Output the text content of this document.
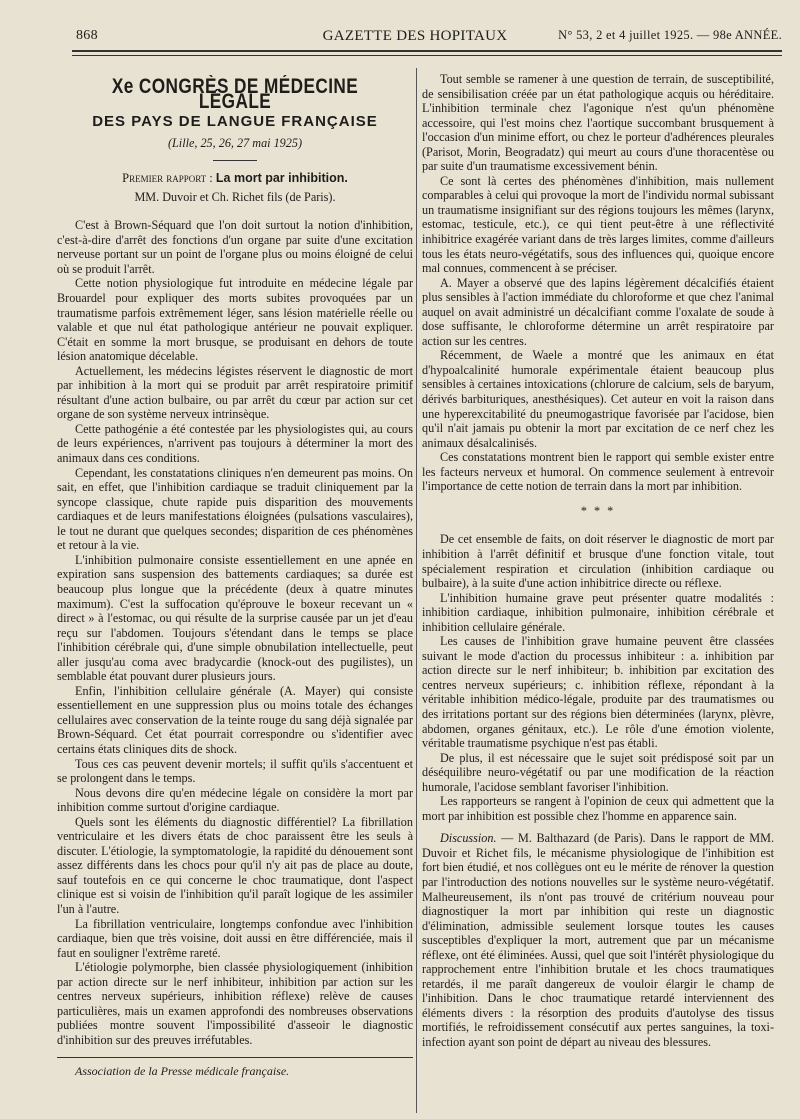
868	GAZETTE DES HOPITAUX	N° 53, 2 et 4 juillet 1925. — 98e ANNÉE.
Xe CONGRÈS DE MÉDECINE LÉGALE
DES PAYS DE LANGUE FRANÇAISE
(Lille, 25, 26, 27 mai 1925)
Premier rapport : La mort par inhibition.
MM. Duvoir et Ch. Richet fils (de Paris).

C'est à Brown-Séquard que l'on doit surtout la notion d'inhibition, c'est-à-dire d'arrêt des fonctions d'un organe par suite d'une excitation nerveuse portant sur un point de l'organe plus ou moins éloigné de celui où se produit l'arrêt.

Cette notion physiologique fut introduite en médecine légale par Brouardel pour expliquer des morts subites provoquées par un traumatisme parfois extrêmement léger, sans lésion matérielle réelle ou valable et que nul état pathologique antérieur ne pouvait expliquer. C'était en somme la mort brusque, se produisant en dehors de toute lésion anatomique décelable.

Actuellement, les médecins légistes réservent le diagnostic de mort par inhibition à la mort qui se produit par arrêt respiratoire primitif résultant d'une action bulbaire, ou par arrêt du cœur par action sur cet organe de son système nerveux intrinsèque.

Cette pathogénie a été contestée par les physiologistes qui, au cours de leurs expériences, n'arrivent pas toujours à déterminer la mort des animaux dans ces conditions.

Cependant, les constatations cliniques n'en demeurent pas moins. On sait, en effet, que l'inhibition cardiaque se traduit cliniquement par la syncope classique, chute rapide puis disparition des mouvements cardiaques et de leurs manifestations éloignées (pulsations vasculaires), le tout ne durant que quelques secondes; disparition de ces phénomènes et retour à la vie.

L'inhibition pulmonaire consiste essentiellement en une apnée en expiration sans suspension des battements cardiaques; sa durée est beaucoup plus longue que la précédente (deux à quatre minutes maximum). C'est la suffocation qu'éprouve le boxeur recevant un « direct » à l'estomac, ou qui résulte de la surprise causée par un jet d'eau reçu sur l'abdomen. Toujours s'étendant dans le temps se place l'inhibition cérébrale qui, d'une simple obnubilation intellectuelle, peut aller jusqu'au coma avec bradycardie (knock-out des pugilistes), un semblable état pouvant durer plusieurs jours.

Enfin, l'inhibition cellulaire générale (A. Mayer) qui consiste essentiellement en une suppression plus ou moins totale des échanges cellulaires avec conservation de la teinte rouge du sang déjà signalée par Brown-Séquard. Cet état pourrait correspondre ou s'identifier avec certains états cliniques dits de shock.

Tous ces cas peuvent devenir mortels; il suffit qu'ils s'accentuent et se prolongent dans le temps.

Nous devons dire qu'en médecine légale on considère la mort par inhibition comme surtout d'origine cardiaque.

Quels sont les éléments du diagnostic différentiel? La fibrillation ventriculaire et les divers états de choc paraissent être les seuls à discuter. L'étiologie, la symptomatologie, la rapidité du dénouement sont assez différents dans les chocs pour qu'il n'y ait pas de place au doute, sauf toutefois en ce qui concerne le choc traumatique, dont l'aspect clinique est si voisin de l'inhibition qu'il paraît logique de les assimiler l'un à l'autre.

La fibrillation ventriculaire, longtemps confondue avec l'inhibition cardiaque, bien que très voisine, doit aussi en être différenciée, mais il faut en souligner l'extrême rareté.

L'étiologie polymorphe, bien classée physiologiquement (inhibition par action directe sur le nerf inhibiteur, inhibition par action sur les centres nerveux supérieurs, inhibition réflexe) relève de causes particulières, mais un examen approfondi des nombreuses observations publiées montre souvent l'impossibilité d'asseoir le diagnostic d'inhibition sur des preuves irréfutables.

Association de la Presse médicale française.

Tout semble se ramener à une question de terrain, de susceptibilité, de sensibilisation créée par un état pathologique acquis ou héréditaire. L'inhibition terminale chez l'agonique n'est qu'un phénomène accessoire, qui l'est moins chez l'aortique succombant brusquement à l'occasion d'un minime effort, ou chez le porteur d'adhérences pleurales (Parisot, Morin, Beogradatz) qui meurt au cours d'une thoracentèse ou par suite d'un traumatisme excessivement bénin.

Ce sont là certes des phénomènes d'inhibition, mais nullement comparables à celui qui provoque la mort de l'individu normal subissant un traumatisme insignifiant sur des régions toujours les mêmes (larynx, estomac, testicule, etc.), ce qui tient peut-être à une réflectivité inhibitrice exagérée variant dans de très larges limites, comme d'ailleurs tous les états neuro-végétatifs, sous des influences qui, quoique encore mal connues, commencent à se préciser.

A. Mayer a observé que des lapins légèrement décalcifiés étaient plus sensibles à l'action immédiate du chloroforme et que chez l'animal auquel on avait administré un décalcifiant comme l'oxalate de soude à dose suffisante, le chloroforme détermine un arrêt respiratoire par action sur les centres.

Récemment, de Waele a montré que les animaux en état d'hypoalcalinité humorale expérimentale étaient beaucoup plus sensibles à certaines intoxications (chlorure de calcium, sels de baryum, dérivés barbituriques, anesthésiques). Cet auteur en voit la raison dans une hyperexcitabilité du pneumogastrique favorisée par l'acidose, bien qu'il n'ait jamais pu obtenir la mort par excitation de ce nerf chez les animaux désalcalinisés.

Ces constatations montrent bien le rapport qui semble exister entre les facteurs nerveux et humoral. On commence seulement à entrevoir l'importance de cette notion de terrain dans la mort par inhibition.

* * *

De cet ensemble de faits, on doit réserver le diagnostic de mort par inhibition à l'arrêt définitif et brusque d'une fonction vitale, tout spécialement respiration et circulation (inhibition cardiaque ou bulbaire), à la suite d'une action inhibitrice directe ou réflexe.

L'inhibition humaine grave peut présenter quatre modalités : inhibition cardiaque, inhibition pulmonaire, inhibition cérébrale et inhibition cellulaire générale.

Les causes de l'inhibition grave humaine peuvent être classées suivant le mode d'action du processus inhibiteur : a. inhibition par action directe sur le nerf inhibiteur; b. inhibition par excitation des centres nerveux supérieurs; c. inhibition réflexe, répondant à la véritable inhibition médico-légale, produite par des traumatismes ou des irritations portant sur des régions bien déterminées (larynx, plèvre, abdomen, organes génitaux, etc.). Le rôle d'une émotion violente, véritable traumatisme psychique n'est pas établi.

De plus, il est nécessaire que le sujet soit prédisposé soit par un déséquilibre neuro-végétatif ou par une modification de la réaction humorale, l'acidose semblant favoriser l'inhibition.

Les rapporteurs se rangent à l'opinion de ceux qui admettent que la mort par inhibition est possible chez l'homme en apparence sain.

Discussion. — M. Balthazard (de Paris). Dans le rapport de MM. Duvoir et Richet fils, le mécanisme physiologique de l'inhibition est fort bien étudié, et nos collègues ont eu le mérite de rénover la question par l'introduction des notions nouvelles sur le système neuro-végétatif. Malheureusement, ils n'ont pas trouvé de critérium nouveau pour diagnostiquer la mort par inhibition qui reste un diagnostic d'élimination, admissible seulement lorsque toutes les causes susceptibles d'expliquer la mort, autrement que par un mécanisme réflexe, ont été éliminées. Aussi, quel que soit l'intérêt physiologique du rapprochement entre l'inhibition brutale et les chocs traumatiques retardés, il me paraît dangereux de vouloir élargir le champ de l'inhibition. Dans le choc traumatique retardé interviennent des éléments divers : la résorption des produits d'autolyse des tissus mortifiés, le refroidissement consécutif aux pertes sanguines, la toxi-infection ayant son point de départ au niveau des blessures.
